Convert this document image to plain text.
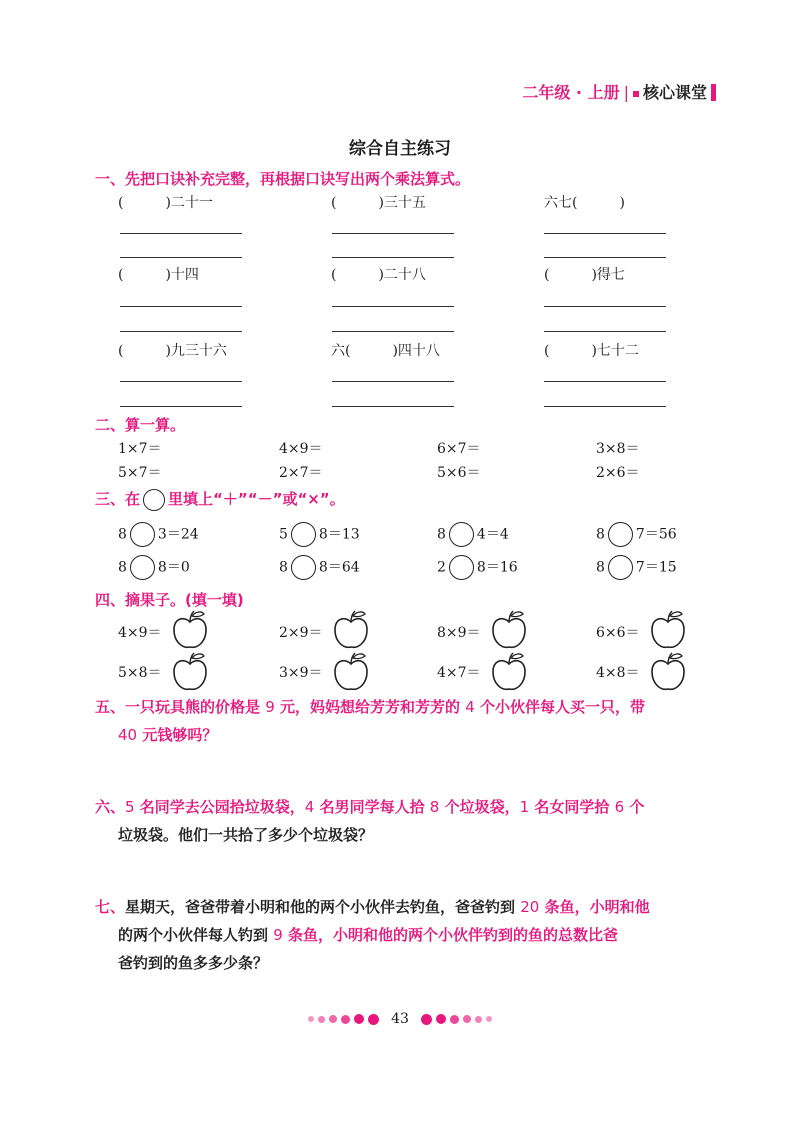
二年级 · 上册 | 核心课堂
综合自主练习
一、先把口诀补充完整，再根据口诀写出两个乘法算式。
(　　　)二十一	(　　　)三十五	六七(　　　)
(　　　)十四	(　　　)二十八	(　　　)得七
(　　　)九三十六	六(　　　)四十八	(　　　)七十二
二、算一算。
1×7＝	4×9＝	6×7＝	3×8＝
5×7＝	2×7＝	5×6＝	2×6＝
三、在 里填上“＋”“－”或“×”。
8 3＝24	5 8＝13	8 4＝4	8 7＝56
8 8＝0	8 8＝64	2 8＝16	8 7＝15
四、摘果子。(填一填)
4×9＝	2×9＝	8×9＝	6×6＝
5×8＝	3×9＝	4×7＝	4×8＝
五、一只玩具熊的价格是 9 元，妈妈想给芳芳和芳芳的 4 个小伙伴每人买一只，带
40 元钱够吗？
六、5 名同学去公园拾垃圾袋，4 名男同学每人拾 8 个垃圾袋，1 名女同学拾 6 个
垃圾袋。他们一共拾了多少个垃圾袋？
七、星期天，爸爸带着小明和他的两个小伙伴去钓鱼，爸爸钓到 20 条鱼，小明和他
的两个小伙伴每人钓到 9 条鱼，小明和他的两个小伙伴钓到的鱼的总数比爸
爸钓到的鱼多多少条？
43
